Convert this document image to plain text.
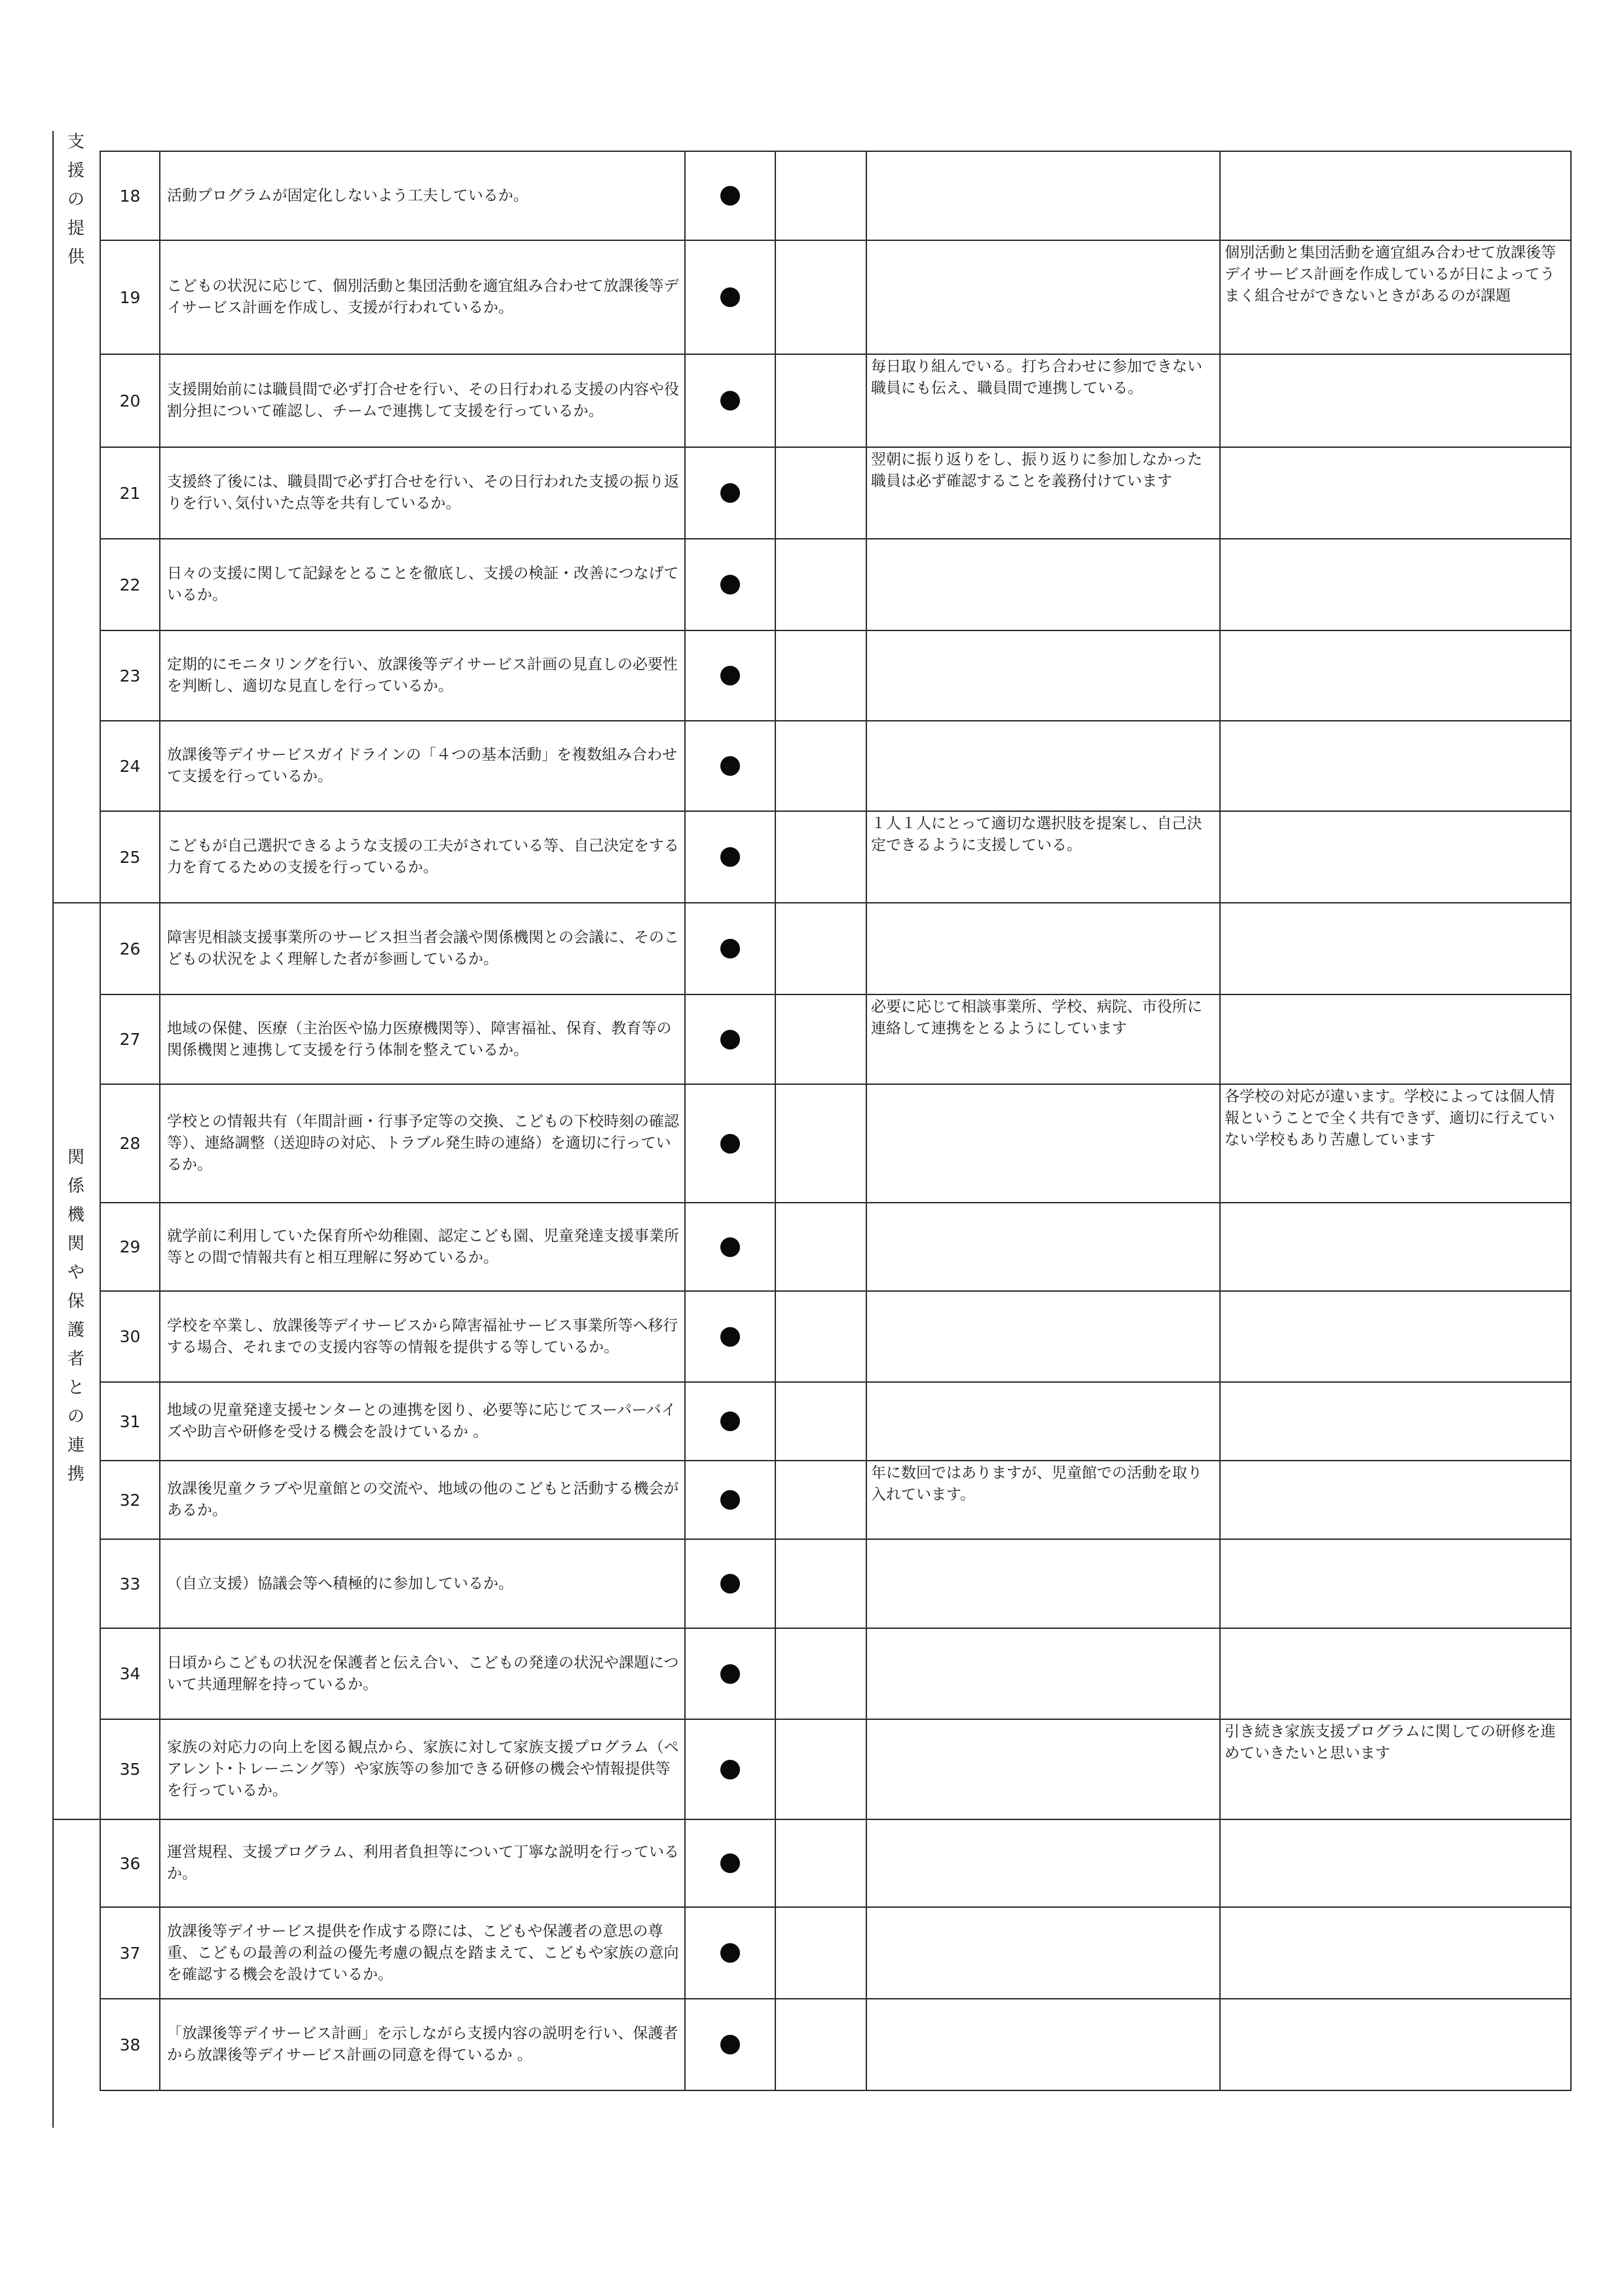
支
援
の
提
供
関
係
機
関
や
保
護
者
と
の
連
携
18	活動プログラムが固定化しないよう工夫しているか。
19
こどもの状況に応じて、個別活動と集団活動を適宜組み合わせて放課後等デイサービス計画を作成し、支援が行われているか。
個別活動と集団活動を適宜組み合わせて放課後等デイサービス計画を作成しているが日によってうまく組合せができないときがあるのが課題
20
支援開始前には職員間で必ず打合せを行い、その日行われる支援の内容や役割分担について確認し、チームで連携して支援を行っているか。
毎日取り組んでいる。打ち合わせに参加できない職員にも伝え、職員間で連携している。
21
支援終了後には、職員間で必ず打合せを行い、その日行われた支援の振り返りを行い､気付いた点等を共有しているか。
翌朝に振り返りをし、振り返りに参加しなかった職員は必ず確認することを義務付けています
22
日々の支援に関して記録をとることを徹底し、支援の検証・改善につなげているか。
23
定期的にモニタリングを行い、放課後等デイサービス計画の見直しの必要性を判断し、適切な見直しを行っているか。
24
放課後等デイサービスガイドラインの「４つの基本活動」を複数組み合わせて支援を行っているか。
25
こどもが自己選択できるような支援の工夫がされている等、自己決定をする力を育てるための支援を行っているか。
１人１人にとって適切な選択肢を提案し、自己決定できるように支援している。
26
障害児相談支援事業所のサービス担当者会議や関係機関との会議に、そのこどもの状況をよく理解した者が参画しているか。
27
地域の保健、医療（主治医や協力医療機関等）、障害福祉、保育、教育等の関係機関と連携して支援を行う体制を整えているか。
必要に応じて相談事業所、学校、病院、市役所に連絡して連携をとるようにしています
28
学校との情報共有（年間計画・行事予定等の交換、こどもの下校時刻の確認等）、連絡調整（送迎時の対応、トラブル発生時の連絡）を適切に行っているか。
各学校の対応が違います。学校によっては個人情報ということで全く共有できず、適切に行えていない学校もあり苦慮しています
29
就学前に利用していた保育所や幼稚園、認定こども園、児童発達支援事業所等との間で情報共有と相互理解に努めているか。
30
学校を卒業し、放課後等デイサービスから障害福祉サービス事業所等へ移行する場合、それまでの支援内容等の情報を提供する等しているか。
31
地域の児童発達支援センターとの連携を図り、必要等に応じてスーパーバイズや助言や研修を受ける機会を設けているか 。
32
放課後児童クラブや児童館との交流や、地域の他のこどもと活動する機会があるか。
年に数回ではありますが、児童館での活動を取り入れています。
33	（自立支援）協議会等へ積極的に参加しているか。
34
日頃からこどもの状況を保護者と伝え合い、こどもの発達の状況や課題について共通理解を持っているか。
35
家族の対応力の向上を図る観点から、家族に対して家族支援プログラム（ペアレント･トレーニング等）や家族等の参加できる研修の機会や情報提供等を行っているか。
引き続き家族支援プログラムに関しての研修を進めていきたいと思います
36
運営規程、支援プログラム、利用者負担等について丁寧な説明を行っているか。
37
放課後等デイサービス提供を作成する際には、こどもや保護者の意思の尊重、こどもの最善の利益の優先考慮の観点を踏まえて、こどもや家族の意向を確認する機会を設けているか。
38
「放課後等デイサービス計画」を示しながら支援内容の説明を行い、保護者から放課後等デイサービス計画の同意を得ているか 。
